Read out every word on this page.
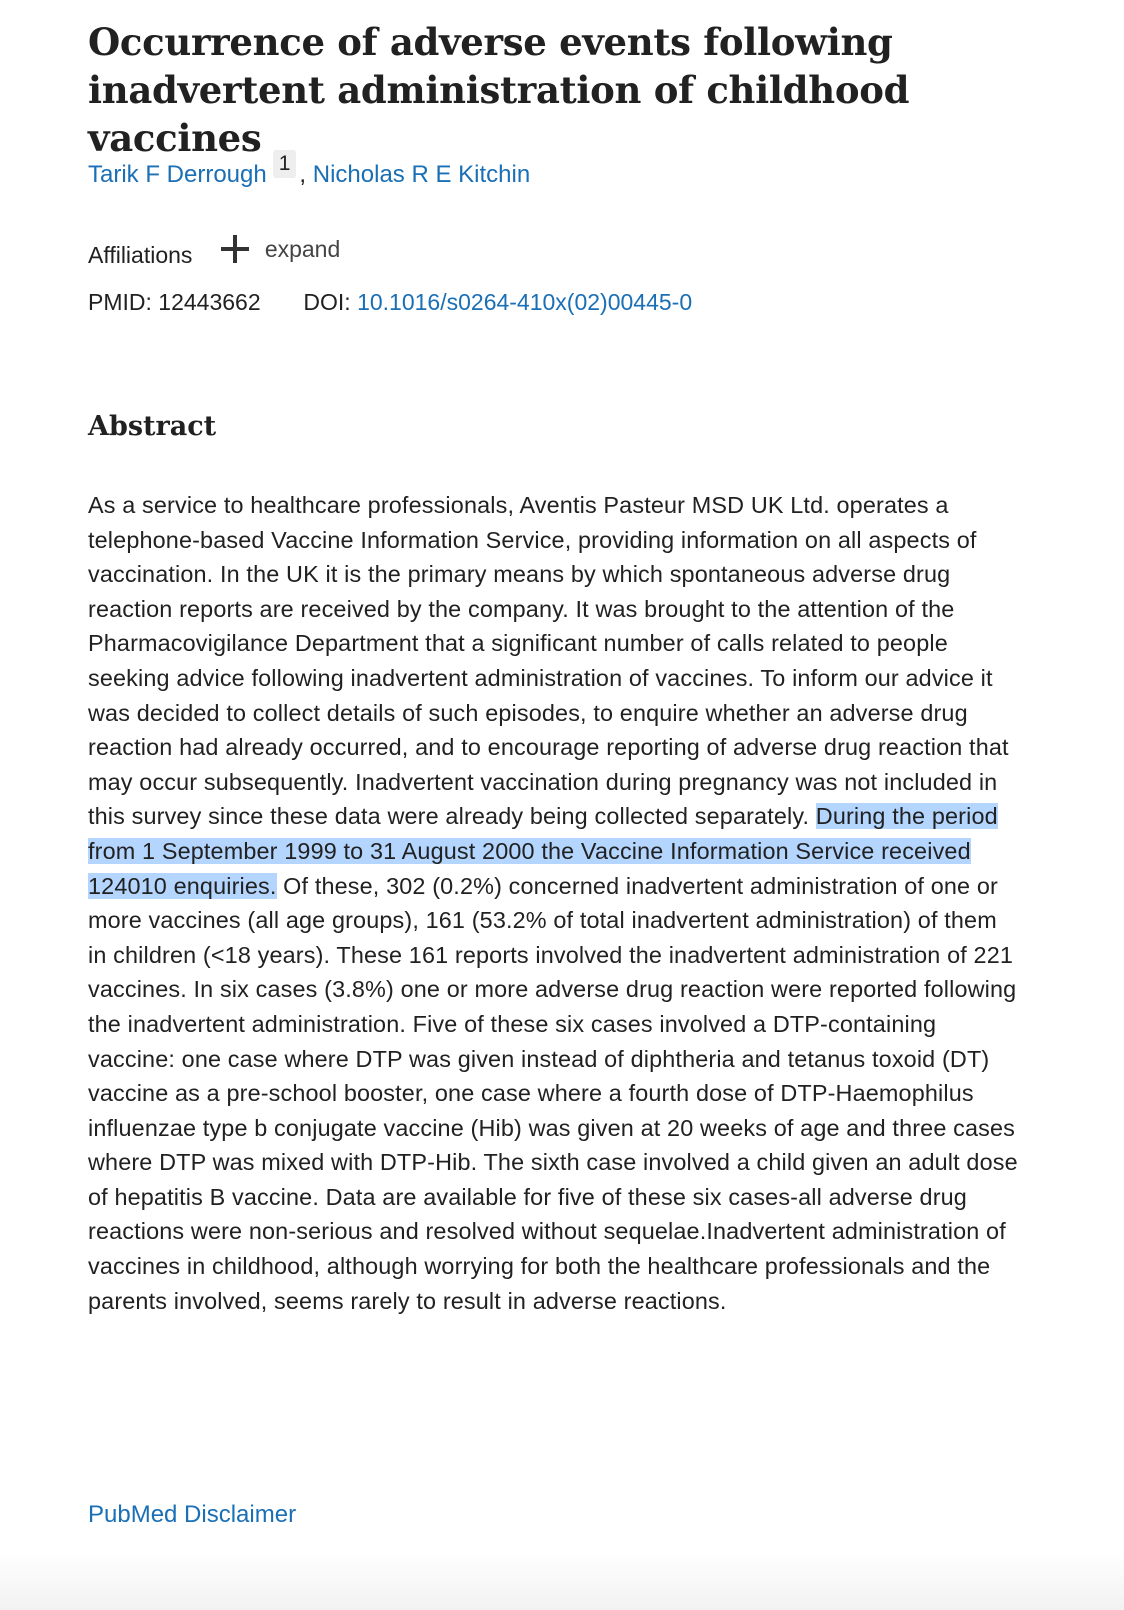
Occurrence of adverse events following inadvertent administration of childhood vaccines
Tarik F Derrough 1 , Nicholas R E Kitchin
Affiliations	expand
PMID: 12443662 DOI: 10.1016/s0264-410x(02)00445-0
Abstract

As a service to healthcare professionals, Aventis Pasteur MSD UK Ltd. operates a telephone-based Vaccine Information Service, providing information on all aspects of vaccination. In the UK it is the primary means by which spontaneous adverse drug reaction reports are received by the company. It was brought to the attention of the Pharmacovigilance Department that a significant number of calls related to people seeking advice following inadvertent administration of vaccines. To inform our advice it was decided to collect details of such episodes, to enquire whether an adverse drug reaction had already occurred, and to encourage reporting of adverse drug reaction that may occur subsequently. Inadvertent vaccination during pregnancy was not included in this survey since these data were already being collected separately. During the period from 1 September 1999 to 31 August 2000 the Vaccine Information Service received 124010 enquiries. Of these, 302 (0.2%) concerned inadvertent administration of one or more vaccines (all age groups), 161 (53.2% of total inadvertent administration) of them in children (<18 years). These 161 reports involved the inadvertent administration of 221 vaccines. In six cases (3.8%) one or more adverse drug reaction were reported following the inadvertent administration. Five of these six cases involved a DTP-containing vaccine: one case where DTP was given instead of diphtheria and tetanus toxoid (DT) vaccine as a pre-school booster, one case where a fourth dose of DTP-Haemophilus influenzae type b conjugate vaccine (Hib) was given at 20 weeks of age and three cases where DTP was mixed with DTP-Hib. The sixth case involved a child given an adult dose of hepatitis B vaccine. Data are available for five of these six cases-all adverse drug reactions were non-serious and resolved without sequelae.Inadvertent administration of vaccines in childhood, although worrying for both the healthcare professionals and the parents involved, seems rarely to result in adverse reactions.

PubMed Disclaimer
